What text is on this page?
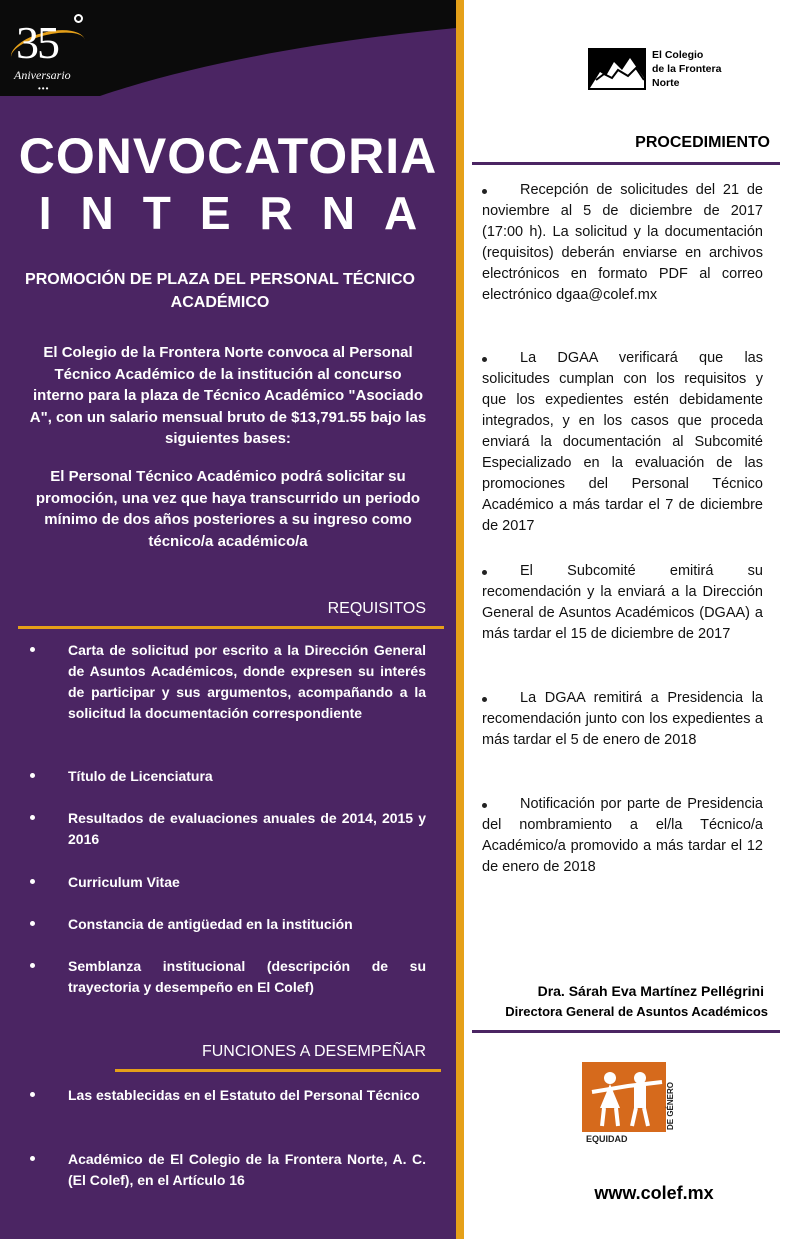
35
Aniversario
•••
CONVOCATORIA
INTERNA
PROMOCIÓN DE PLAZA DEL PERSONAL TÉCNICO ACADÉMICO
El Colegio de la Frontera Norte convoca al Personal Técnico Académico de la institución al concurso interno para la plaza de Técnico Académico "Asociado A", con un salario mensual bruto de $13,791.55 bajo las siguientes bases:
El Personal Técnico Académico podrá solicitar su promoción, una vez que haya transcurrido un periodo mínimo de dos años posteriores a su ingreso como técnico/a académico/a
REQUISITOS
Carta de solicitud por escrito a la Dirección General de Asuntos Académicos, donde expresen su interés de participar y sus argumentos, acompañando a la solicitud la documentación correspondiente
Título de Licenciatura
Resultados de evaluaciones anuales de 2014, 2015 y 2016
Curriculum Vitae
Constancia de antigüedad en la institución
Semblanza institucional (descripción de su trayectoria y desempeño en El Colef)
FUNCIONES A DESEMPEÑAR
Las establecidas en el Estatuto del Personal Técnico
Académico de El Colegio de la Frontera Norte, A. C. (El Colef), en el Artículo 16
El Colegio
de la Frontera
Norte
PROCEDIMIENTO
Recepción de solicitudes del 21 de noviembre al 5 de diciembre de 2017 (17:00 h). La solicitud y la documentación (requisitos) deberán enviarse en archivos electrónicos en formato PDF al correo electrónico dgaa@colef.mx
La DGAA verificará que las solicitudes cumplan con los requisitos y que los expedientes estén debidamente integrados, y en los casos que proceda enviará la documentación al Subcomité Especializado en la evaluación de las promociones del Personal Técnico Académico a más tardar el 7 de diciembre de 2017
El Subcomité emitirá su recomendación y la enviará a la Dirección General de Asuntos Académicos (DGAA) a más tardar el 15 de diciembre de 2017
La DGAA remitirá a Presidencia la recomendación junto con los expedientes a más tardar el 5 de enero de 2018
Notificación por parte de Presidencia del nombramiento a el/la Técnico/a Académico/a promovido a más tardar el 12 de enero de 2018
Dra. Sárah Eva Martínez Pellégrini
Directora General de Asuntos Académicos
EQUIDAD
DE GÉNERO
www.colef.mx
